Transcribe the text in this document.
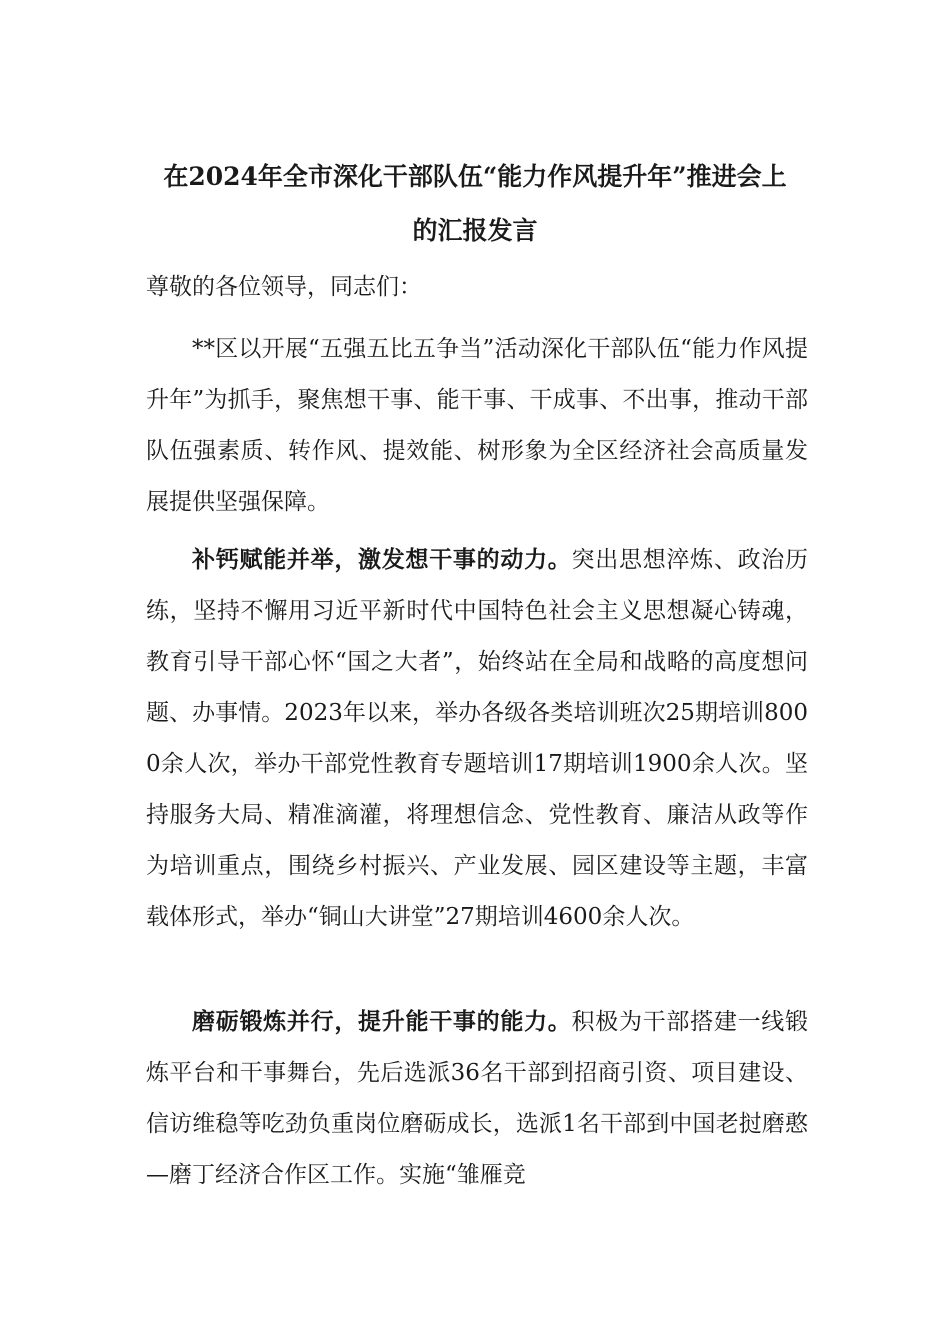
在2024年全市深化干部队伍“能力作风提升年”推进会上
的汇报发言
尊敬的各位领导，同志们：

**区以开展“五强五比五争当”活动深化干部队伍“能力作风提升年”为抓手，聚焦想干事、能干事、干成事、不出事，推动干部队伍强素质、转作风、提效能、树形象为全区经济社会高质量发展提供坚强保障。

补钙赋能并举，激发想干事的动力。突出思想淬炼、政治历练，坚持不懈用习近平新时代中国特色社会主义思想凝心铸魂，教育引导干部心怀“国之大者”，始终站在全局和战略的高度想问题、办事情。2023年以来，举办各级各类培训班次25期培训8000余人次，举办干部党性教育专题培训17期培训1900余人次。坚持服务大局、精准滴灌，将理想信念、党性教育、廉洁从政等作为培训重点，围绕乡村振兴、产业发展、园区建设等主题，丰富载体形式，举办“铜山大讲堂”27期培训4600余人次。

磨砺锻炼并行，提升能干事的能力。积极为干部搭建一线锻炼平台和干事舞台，先后选派36名干部到招商引资、项目建设、信访维稳等吃劲负重岗位磨砺成长，选派1名干部到中国老挝磨憨—磨丁经济合作区工作。实施“雏雁竞
